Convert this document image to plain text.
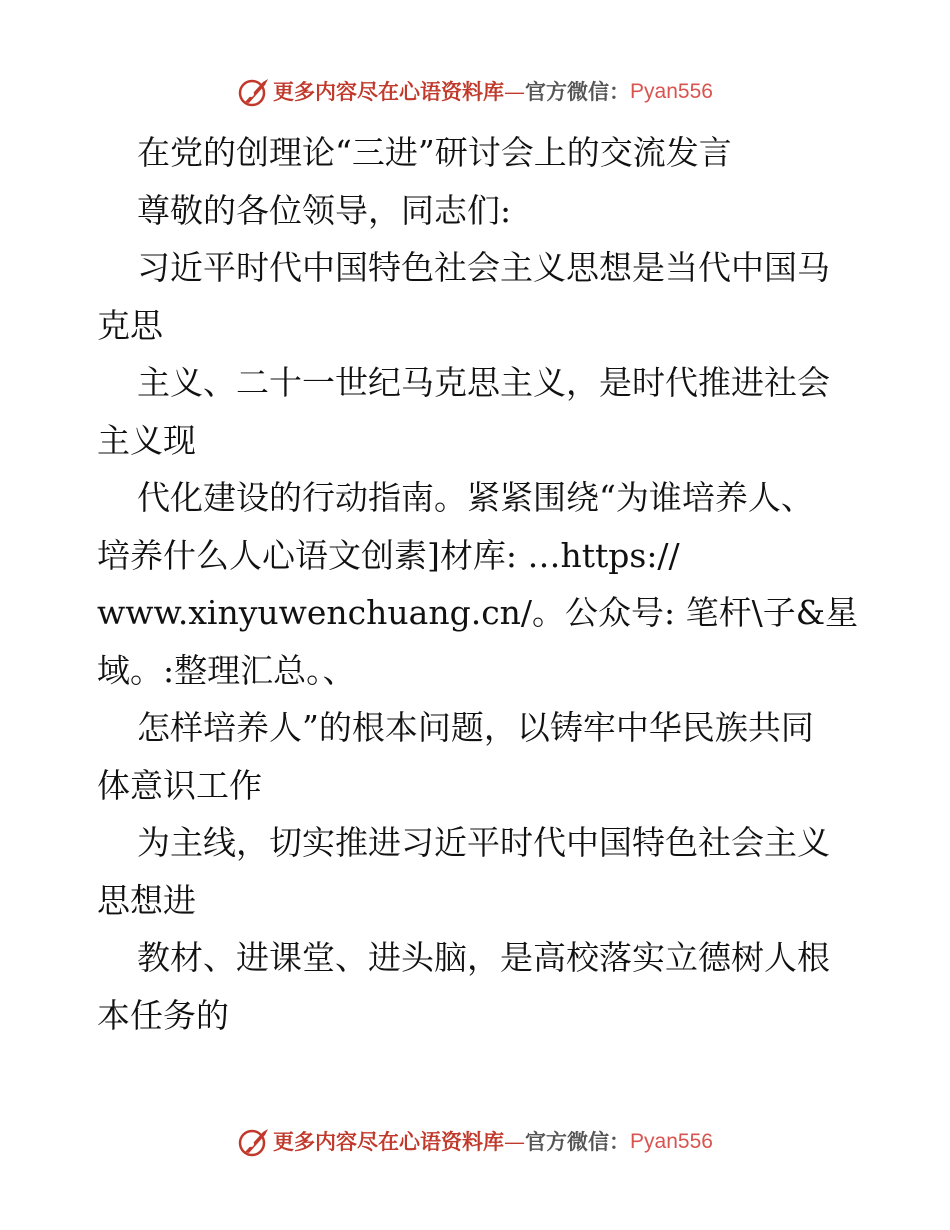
更多内容尽在心语资料库—官方微信：Pyan556

在党的创理论“三进”研讨会上的交流发言

尊敬的各位领导，同志们:

习近平时代中国特色社会主义思想是当代中国马

克思

主义、二十一世纪马克思主义，是时代推进社会

主义现

代化建设的行动指南。紧紧围绕“为谁培养人、

培养什么人心语文创素]材库: …https://

www.xinyuwenchuang.cn/。公众号: 笔杆\子&星

域。:整理汇总。、

怎样培养人”的根本问题，以铸牢中华民族共同

体意识工作

为主线，切实推进习近平时代中国特色社会主义

思想进

教材、进课堂、进头脑，是高校落实立德树人根

本任务的

更多内容尽在心语资料库—官方微信：Pyan556
